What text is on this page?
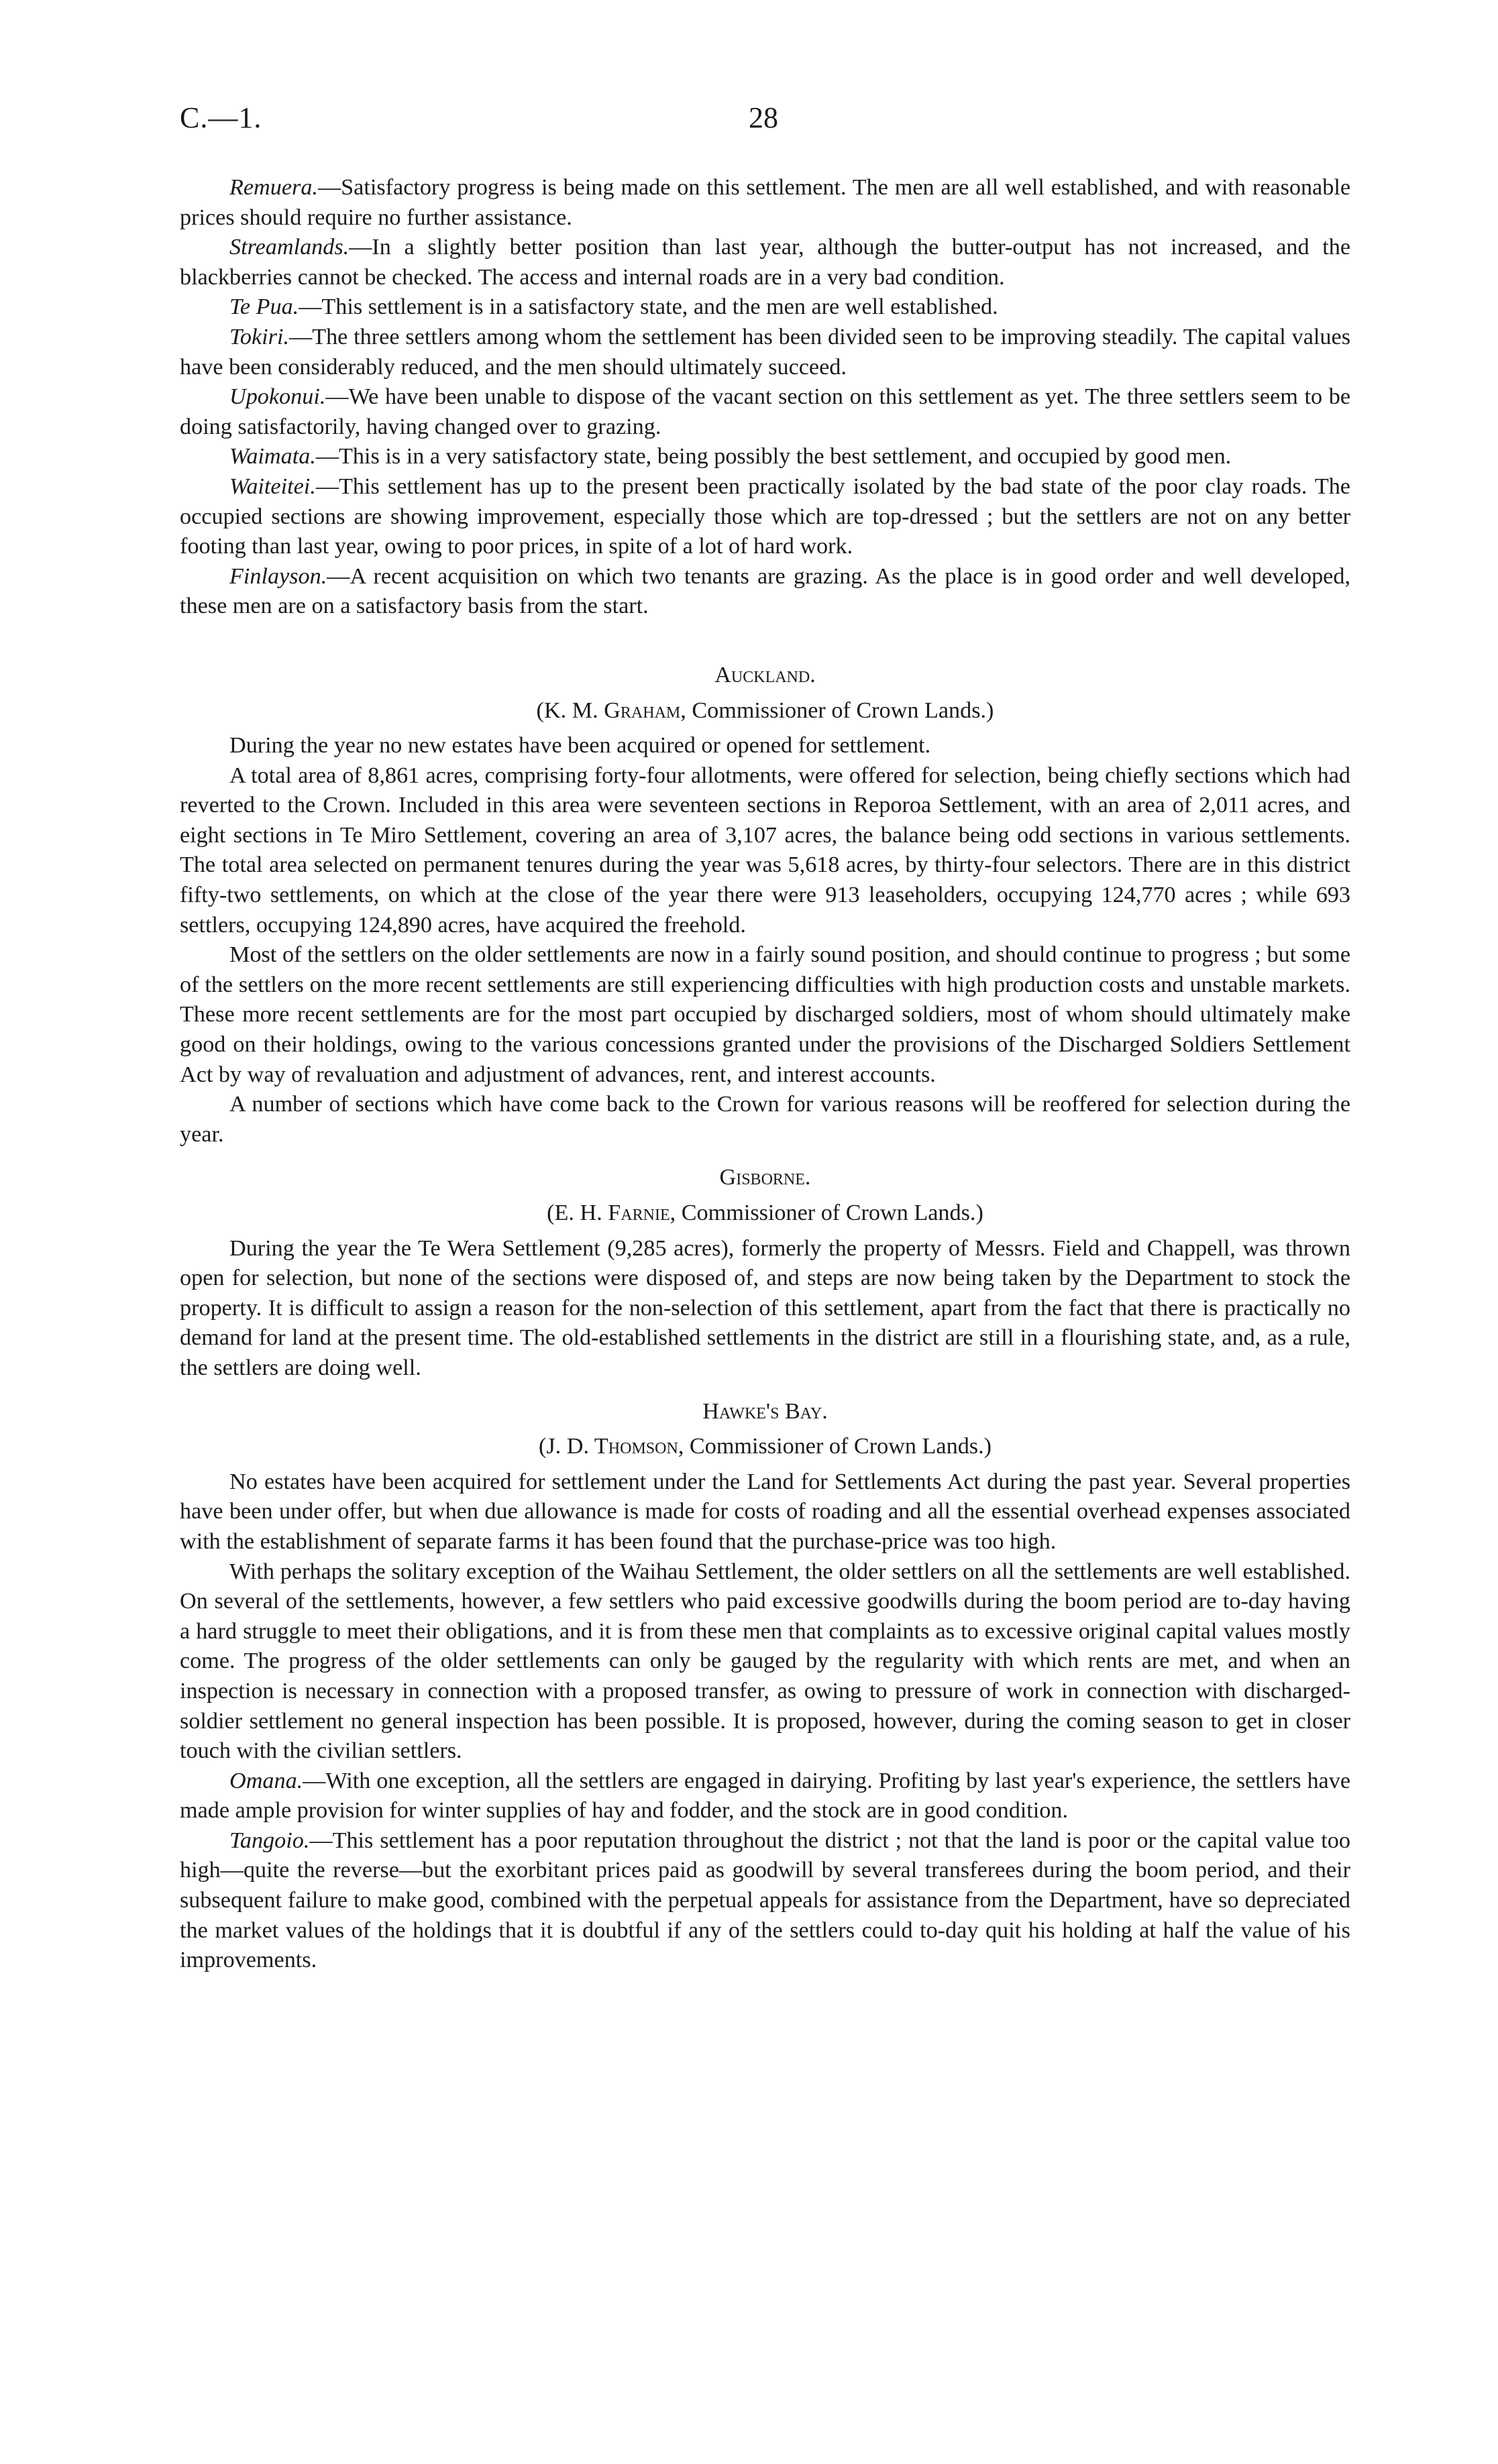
C.—1.	28

Remuera.—Satisfactory progress is being made on this settlement. The men are all well established, and with reasonable prices should require no further assistance.

Streamlands.—In a slightly better position than last year, although the butter-output has not increased, and the blackberries cannot be checked. The access and internal roads are in a very bad condition.

Te Pua.—This settlement is in a satisfactory state, and the men are well established.

Tokiri.—The three settlers among whom the settlement has been divided seen to be improving steadily. The capital values have been considerably reduced, and the men should ultimately succeed.

Upokonui.—We have been unable to dispose of the vacant section on this settlement as yet. The three settlers seem to be doing satisfactorily, having changed over to grazing.

Waimata.—This is in a very satisfactory state, being possibly the best settlement, and occupied by good men.

Waiteitei.—This settlement has up to the present been practically isolated by the bad state of the poor clay roads. The occupied sections are showing improvement, especially those which are top-dressed ; but the settlers are not on any better footing than last year, owing to poor prices, in spite of a lot of hard work.

Finlayson.—A recent acquisition on which two tenants are grazing. As the place is in good order and well developed, these men are on a satisfactory basis from the start.

Auckland.
(K. M. Graham, Commissioner of Crown Lands.)

During the year no new estates have been acquired or opened for settlement.

A total area of 8,861 acres, comprising forty-four allotments, were offered for selection, being chiefly sections which had reverted to the Crown. Included in this area were seventeen sections in Reporoa Settlement, with an area of 2,011 acres, and eight sections in Te Miro Settlement, covering an area of 3,107 acres, the balance being odd sections in various settlements. The total area selected on permanent tenures during the year was 5,618 acres, by thirty-four selectors. There are in this district fifty-two settlements, on which at the close of the year there were 913 leaseholders, occupying 124,770 acres ; while 693 settlers, occupying 124,890 acres, have acquired the freehold.

Most of the settlers on the older settlements are now in a fairly sound position, and should continue to progress ; but some of the settlers on the more recent settlements are still experiencing difficulties with high production costs and unstable markets. These more recent settlements are for the most part occupied by discharged soldiers, most of whom should ultimately make good on their holdings, owing to the various concessions granted under the provisions of the Discharged Soldiers Settlement Act by way of revaluation and adjustment of advances, rent, and interest accounts.

A number of sections which have come back to the Crown for various reasons will be reoffered for selection during the year.

Gisborne.
(E. H. Farnie, Commissioner of Crown Lands.)

During the year the Te Wera Settlement (9,285 acres), formerly the property of Messrs. Field and Chappell, was thrown open for selection, but none of the sections were disposed of, and steps are now being taken by the Department to stock the property. It is difficult to assign a reason for the non-selection of this settlement, apart from the fact that there is practically no demand for land at the present time. The old-established settlements in the district are still in a flourishing state, and, as a rule, the settlers are doing well.

Hawke's Bay.
(J. D. Thomson, Commissioner of Crown Lands.)

No estates have been acquired for settlement under the Land for Settlements Act during the past year. Several properties have been under offer, but when due allowance is made for costs of roading and all the essential overhead expenses associated with the establishment of separate farms it has been found that the purchase-price was too high.

With perhaps the solitary exception of the Waihau Settlement, the older settlers on all the settlements are well established. On several of the settlements, however, a few settlers who paid excessive goodwills during the boom period are to-day having a hard struggle to meet their obligations, and it is from these men that complaints as to excessive original capital values mostly come. The progress of the older settlements can only be gauged by the regularity with which rents are met, and when an inspection is necessary in connection with a proposed transfer, as owing to pressure of work in connection with discharged-soldier settlement no general inspection has been possible. It is proposed, however, during the coming season to get in closer touch with the civilian settlers.

Omana.—With one exception, all the settlers are engaged in dairying. Profiting by last year's experience, the settlers have made ample provision for winter supplies of hay and fodder, and the stock are in good condition.

Tangoio.—This settlement has a poor reputation throughout the district ; not that the land is poor or the capital value too high—quite the reverse—but the exorbitant prices paid as goodwill by several transferees during the boom period, and their subsequent failure to make good, combined with the perpetual appeals for assistance from the Department, have so depreciated the market values of the holdings that it is doubtful if any of the settlers could to-day quit his holding at half the value of his improvements.
